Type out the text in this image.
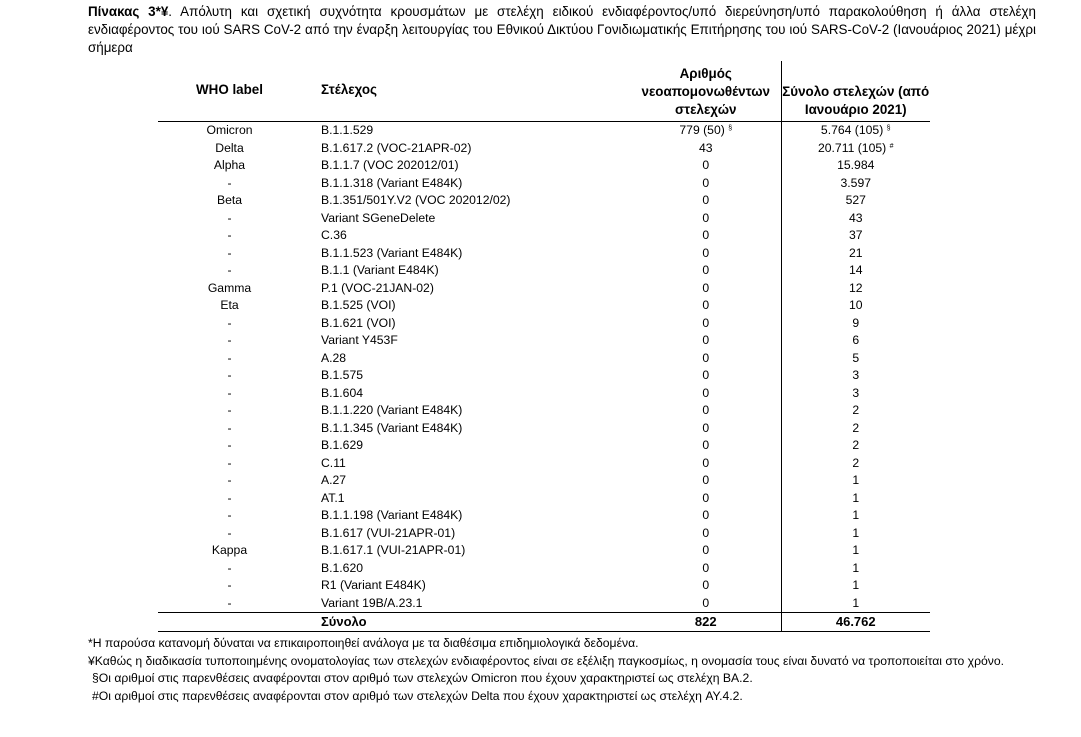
Πίνακας 3*¥. Απόλυτη και σχετική συχνότητα κρουσμάτων με στελέχη ειδικού ενδιαφέροντος/υπό διερεύνηση/υπό παρακολούθηση ή άλλα στελέχη ενδιαφέροντος του ιού SARS CoV-2 από την έναρξη λειτουργίας του Εθνικού Δικτύου Γονιδιωματικής Επιτήρησης του ιού SARS-CoV-2 (Ιανουάριος 2021) μέχρι σήμερα
WHO label	Στέλεχος	Αριθμός νεοαπομονωθέντων στελεχών	Σύνολο στελεχών (από Ιανουάριο 2021)
Omicron	B.1.1.529	779 (50) §	5.764 (105) §
Delta	B.1.617.2 (VOC-21APR-02)	43	20.711 (105) #
Alpha	B.1.1.7 (VOC 202012/01)	0	15.984
-	B.1.1.318 (Variant E484K)	0	3.597
Beta	B.1.351/501Y.V2 (VOC 202012/02)	0	527
-	Variant SGeneDelete	0	43
-	C.36	0	37
-	B.1.1.523 (Variant E484K)	0	21
-	B.1.1 (Variant E484K)	0	14
Gamma	P.1 (VOC-21JAN-02)	0	12
Eta	B.1.525 (VOI)	0	10
-	B.1.621 (VOI)	0	9
-	Variant Y453F	0	6
-	A.28	0	5
-	B.1.575	0	3
-	B.1.604	0	3
-	B.1.1.220 (Variant E484K)	0	2
-	B.1.1.345 (Variant E484K)	0	2
-	B.1.629	0	2
-	C.11	0	2
-	A.27	0	1
-	AT.1	0	1
-	B.1.1.198 (Variant E484K)	0	1
-	B.1.617 (VUI-21APR-01)	0	1
Kappa	B.1.617.1 (VUI-21APR-01)	0	1
-	B.1.620	0	1
-	R1 (Variant E484K)	0	1
-	Variant 19B/A.23.1	0	1
	Σύνολο	822	46.762

*Η παρούσα κατανομή δύναται να επικαιροποιηθεί ανάλογα με τα διαθέσιμα επιδημιολογικά δεδομένα.

¥Καθώς η διαδικασία τυποποιημένης ονοματολογίας των στελεχών ενδιαφέροντος είναι σε εξέλιξη παγκοσμίως, η ονομασία τους είναι δυνατό να τροποποιείται στο χρόνο.

§Οι αριθμοί στις παρενθέσεις αναφέρονται στον αριθμό των στελεχών Omicron που έχουν χαρακτηριστεί ως στελέχη BA.2.

#Οι αριθμοί στις παρενθέσεις αναφέρονται στον αριθμό των στελεχών Delta που έχουν χαρακτηριστεί ως στελέχη AY.4.2.
